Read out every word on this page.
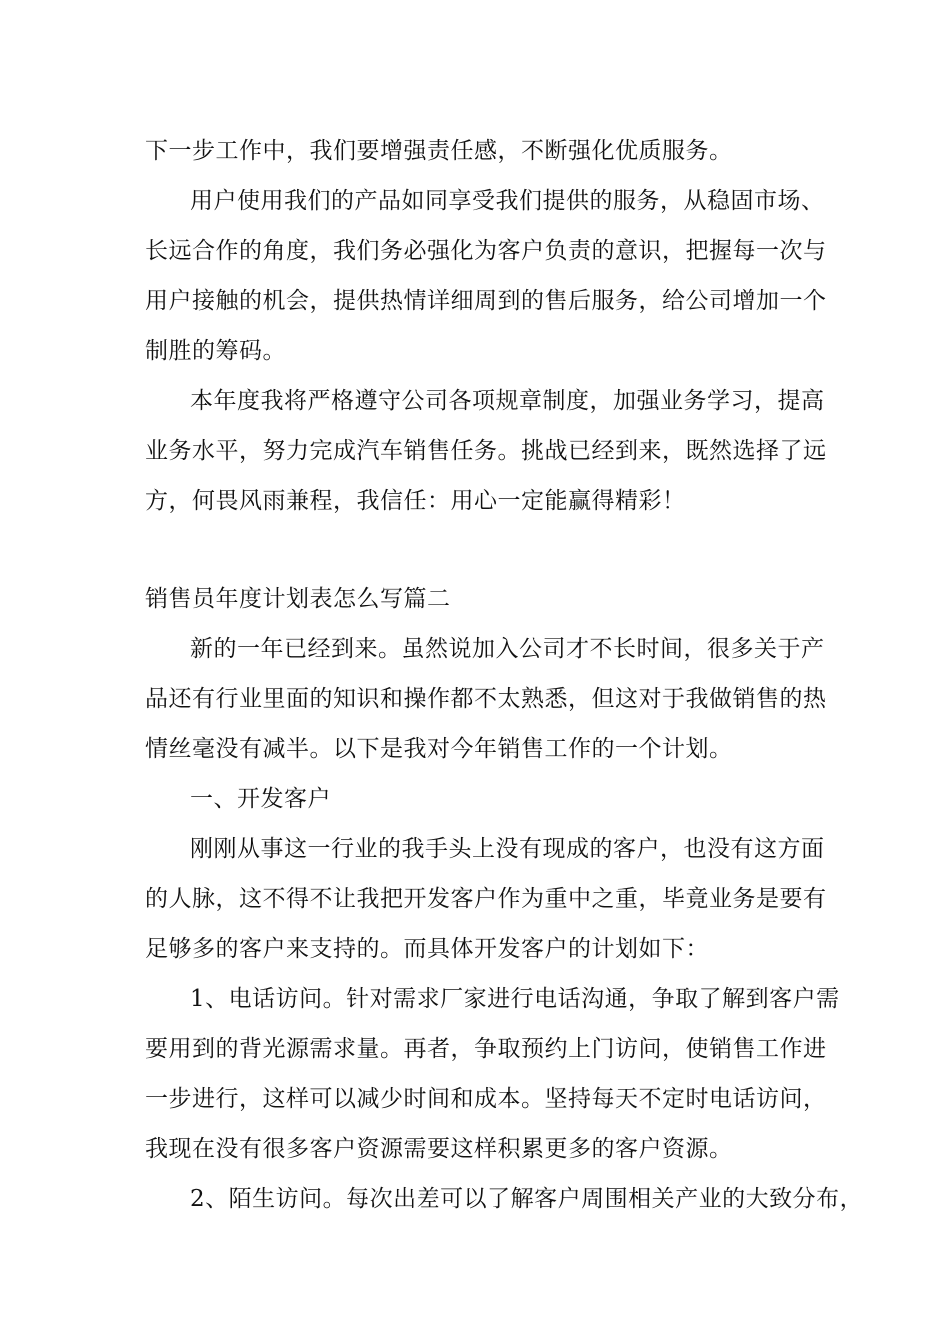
下一步工作中，我们要增强责任感，不断强化优质服务。
用户使用我们的产品如同享受我们提供的服务，从稳固市场、
长远合作的角度，我们务必强化为客户负责的意识，把握每一次与
用户接触的机会，提供热情详细周到的售后服务，给公司增加一个
制胜的筹码。
本年度我将严格遵守公司各项规章制度，加强业务学习，提高
业务水平，努力完成汽车销售任务。挑战已经到来，既然选择了远
方，何畏风雨兼程，我信任：用心一定能赢得精彩！
销售员年度计划表怎么写篇二
新的一年已经到来。虽然说加入公司才不长时间，很多关于产
品还有行业里面的知识和操作都不太熟悉，但这对于我做销售的热
情丝毫没有减半。以下是我对今年销售工作的一个计划。
一、开发客户
刚刚从事这一行业的我手头上没有现成的客户，也没有这方面
的人脉，这不得不让我把开发客户作为重中之重，毕竟业务是要有
足够多的客户来支持的。而具体开发客户的计划如下：
1、电话访问。针对需求厂家进行电话沟通，争取了解到客户需
要用到的背光源需求量。再者，争取预约上门访问，使销售工作进
一步进行，这样可以减少时间和成本。坚持每天不定时电话访问，
我现在没有很多客户资源需要这样积累更多的客户资源。
2、陌生访问。每次出差可以了解客户周围相关产业的大致分布，
